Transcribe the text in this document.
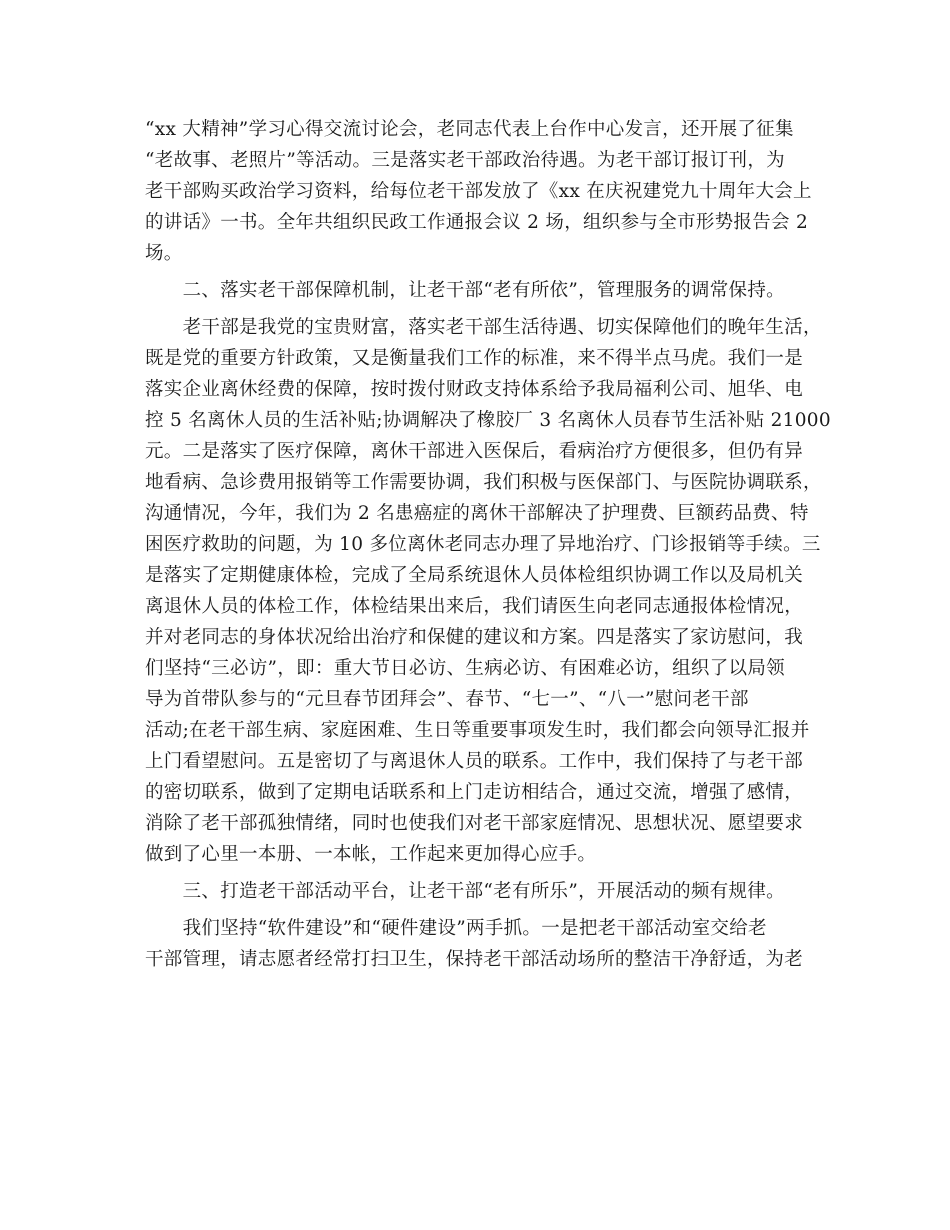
“xx 大精神”学习心得交流讨论会，老同志代表上台作中心发言，还开展了征集
“老故事、老照片”等活动。三是落实老干部政治待遇。为老干部订报订刊，为
老干部购买政治学习资料，给每位老干部发放了《xx 在庆祝建党九十周年大会上
的讲话》一书。全年共组织民政工作通报会议 2 场，组织参与全市形势报告会 2
场。
　　二、落实老干部保障机制，让老干部“老有所依”，管理服务的调常保持。
　　老干部是我党的宝贵财富，落实老干部生活待遇、切实保障他们的晚年生活，
既是党的重要方针政策，又是衡量我们工作的标准，来不得半点马虎。我们一是
落实企业离休经费的保障，按时拨付财政支持体系给予我局福利公司、旭华、电
控 5 名离休人员的生活补贴;协调解决了橡胶厂 3 名离休人员春节生活补贴 21000
元。二是落实了医疗保障，离休干部进入医保后，看病治疗方便很多，但仍有异
地看病、急诊费用报销等工作需要协调，我们积极与医保部门、与医院协调联系，
沟通情况，今年，我们为 2 名患癌症的离休干部解决了护理费、巨额药品费、特
困医疗救助的问题，为 10 多位离休老同志办理了异地治疗、门诊报销等手续。三
是落实了定期健康体检，完成了全局系统退休人员体检组织协调工作以及局机关
离退休人员的体检工作，体检结果出来后，我们请医生向老同志通报体检情况，
并对老同志的身体状况给出治疗和保健的建议和方案。四是落实了家访慰问，我
们坚持“三必访”，即：重大节日必访、生病必访、有困难必访，组织了以局领
导为首带队参与的“元旦春节团拜会”、春节、“七一”、“八一”慰问老干部
活动;在老干部生病、家庭困难、生日等重要事项发生时，我们都会向领导汇报并
上门看望慰问。五是密切了与离退休人员的联系。工作中，我们保持了与老干部
的密切联系，做到了定期电话联系和上门走访相结合，通过交流，增强了感情，
消除了老干部孤独情绪，同时也使我们对老干部家庭情况、思想状况、愿望要求
做到了心里一本册、一本帐，工作起来更加得心应手。
　　三、打造老干部活动平台，让老干部“老有所乐”，开展活动的频有规律。
　　我们坚持“软件建设”和“硬件建设”两手抓。一是把老干部活动室交给老
干部管理，请志愿者经常打扫卫生，保持老干部活动场所的整洁干净舒适，为老
